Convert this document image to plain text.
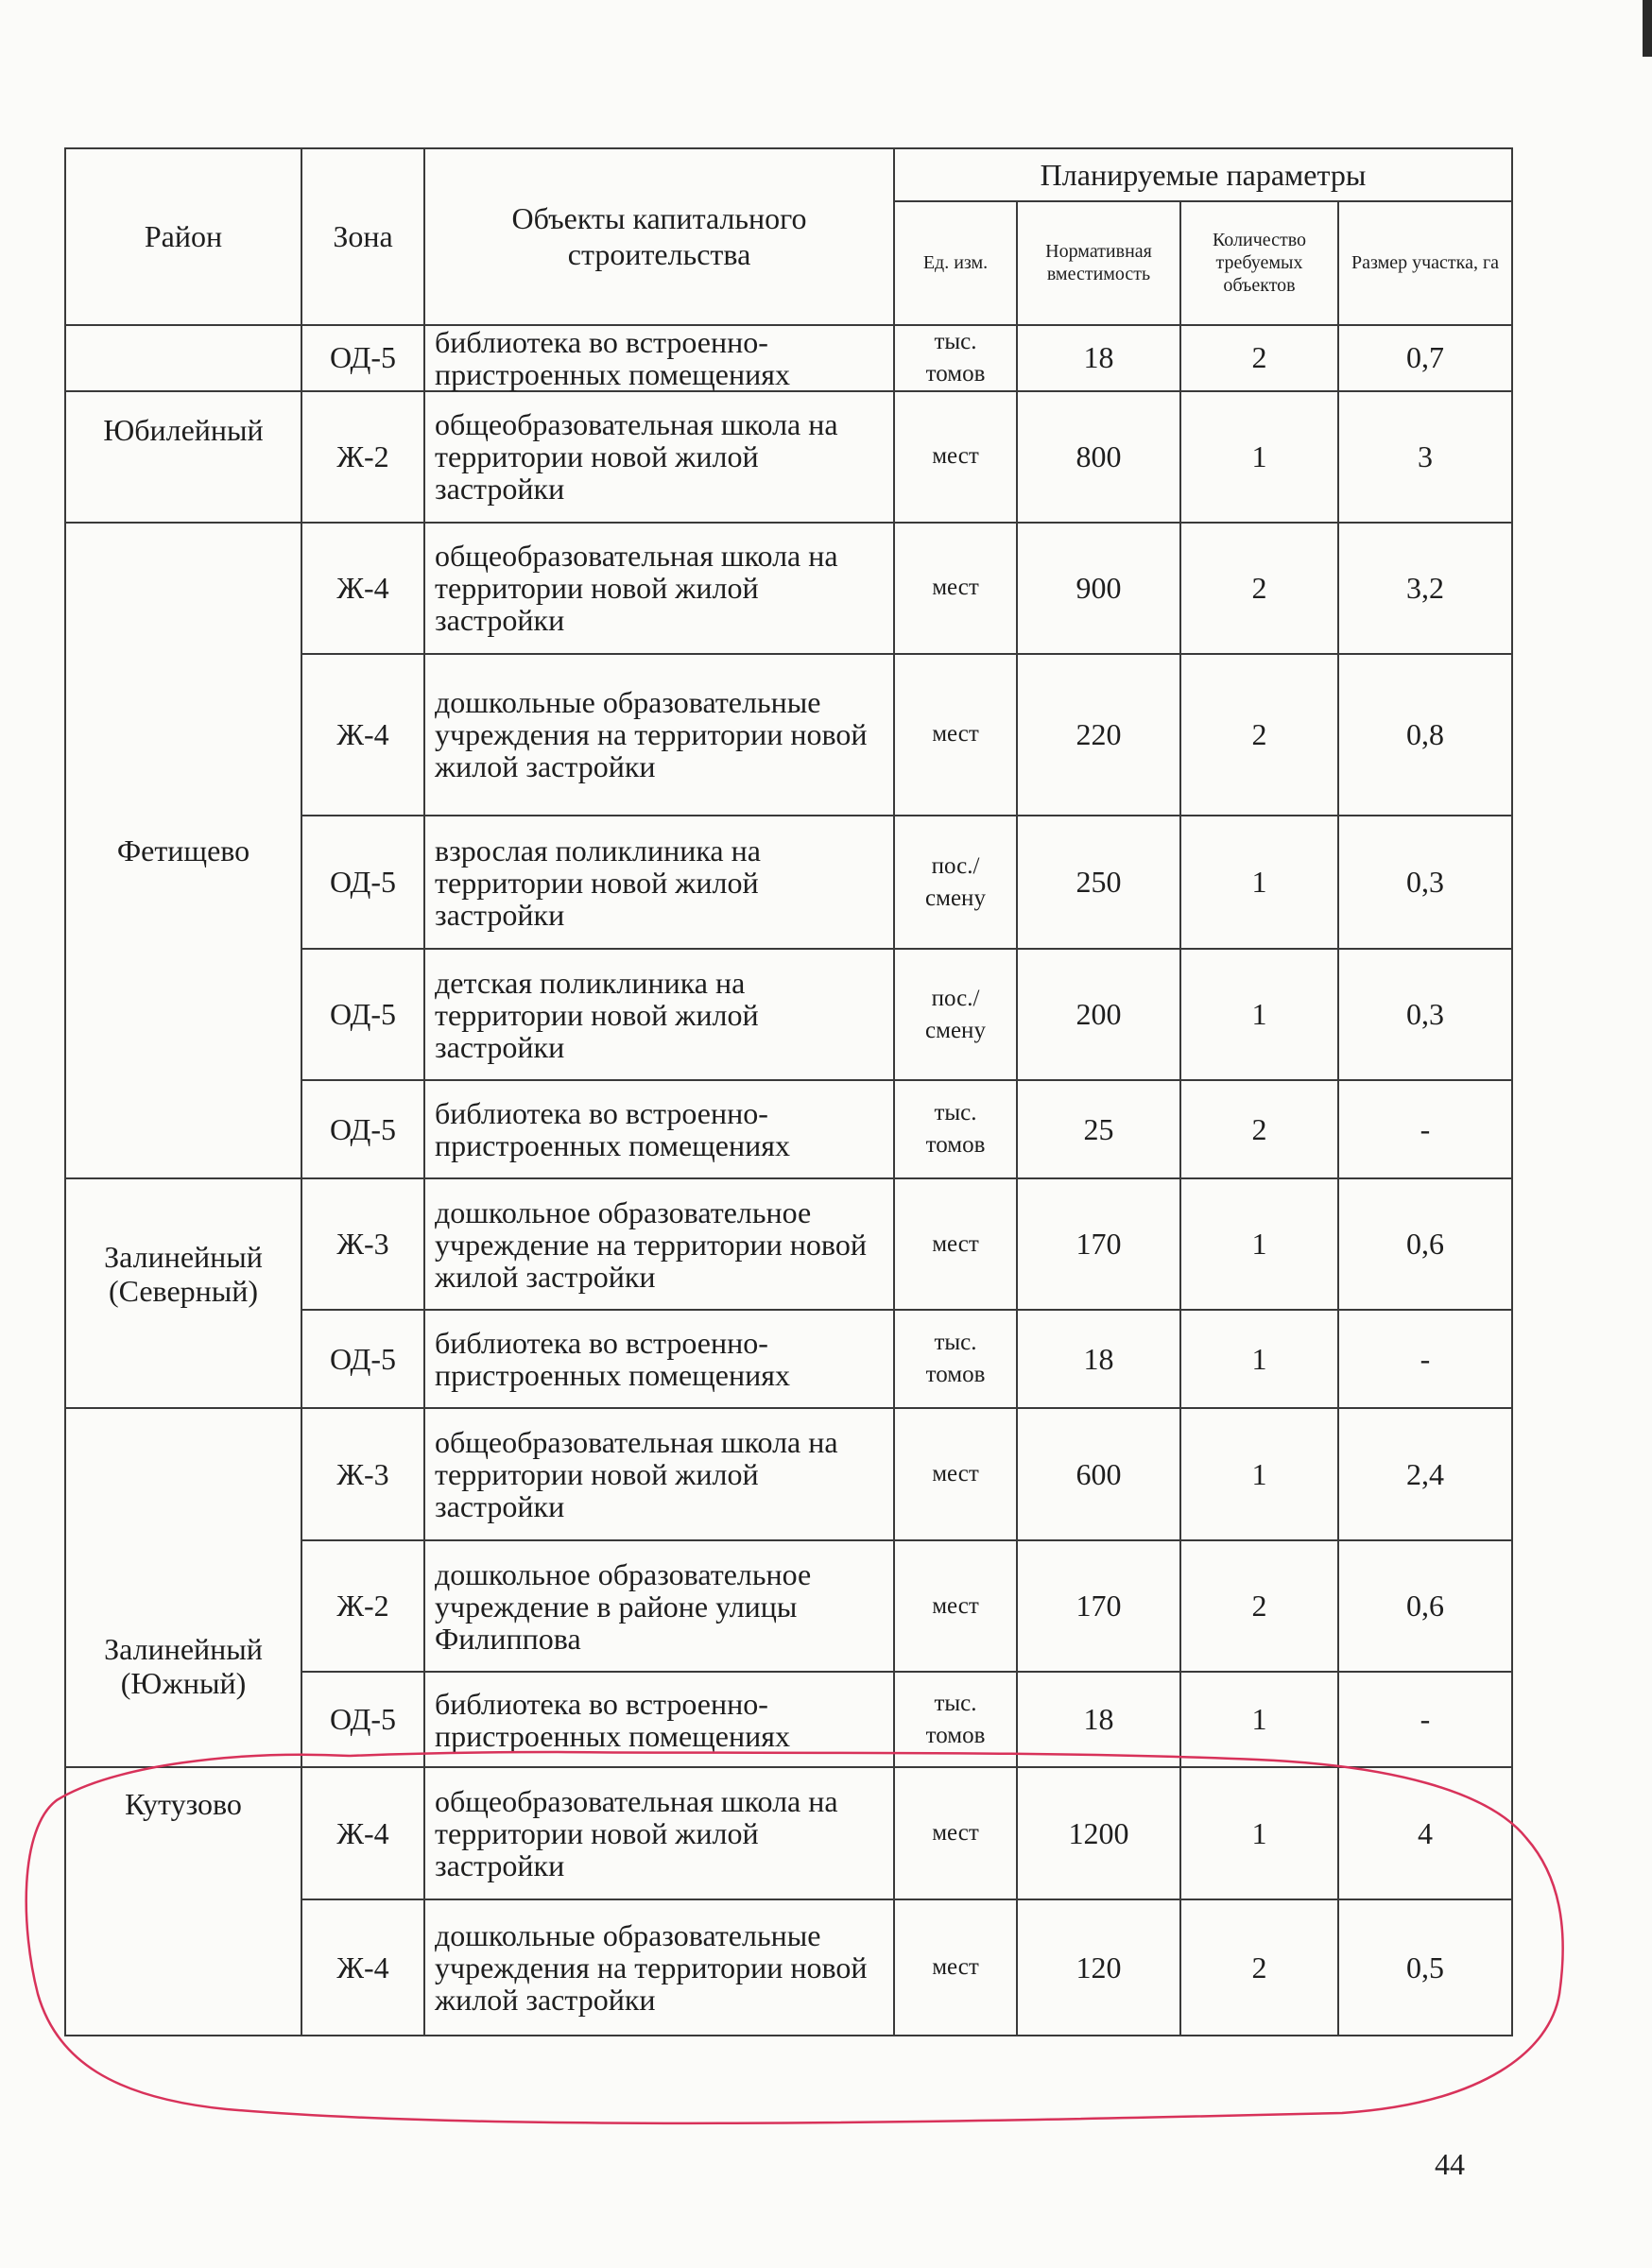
Район	Зона	Объекты капитального строительства	Планируемые параметры			
			Ед. изм.	Нормативная вместимость	Количество требуемых объектов	Размер участка, га
	ОД-5	библиотека во встроенно-пристроенных помещениях	тыс. томов	18	2	0,7
Юбилейный	Ж-2	общеобразовательная школа на территории новой жилой застройки	мест	800	1	3
Фетищево	Ж-4	общеобразовательная школа на территории новой жилой застройки	мест	900	2	3,2
	Ж-4	дошкольные образовательные учреждения на территории новой жилой застройки	мест	220	2	0,8
	ОД-5	взрослая поликлиника на территории новой жилой застройки	пос./ смену	250	1	0,3
	ОД-5	детская поликлиника на территории новой жилой застройки	пос./ смену	200	1	0,3
	ОД-5	библиотека во встроенно-пристроенных помещениях	тыс. томов	25	2	-
Залинейный (Северный)	Ж-3	дошкольное образовательное учреждение на территории новой жилой застройки	мест	170	1	0,6
	ОД-5	библиотека во встроенно-пристроенных помещениях	тыс. томов	18	1	-
Залинейный (Южный)	Ж-3	общеобразовательная школа на территории новой жилой застройки	мест	600	1	2,4
	Ж-2	дошкольное образовательное учреждение в районе улицы Филиппова	мест	170	2	0,6
	ОД-5	библиотека во встроенно-пристроенных помещениях	тыс. томов	18	1	-
Кутузово	Ж-4	общеобразовательная школа на территории новой жилой застройки	мест	1200	1	4
	Ж-4	дошкольные образовательные учреждения на территории новой жилой застройки	мест	120	2	0,5
44
